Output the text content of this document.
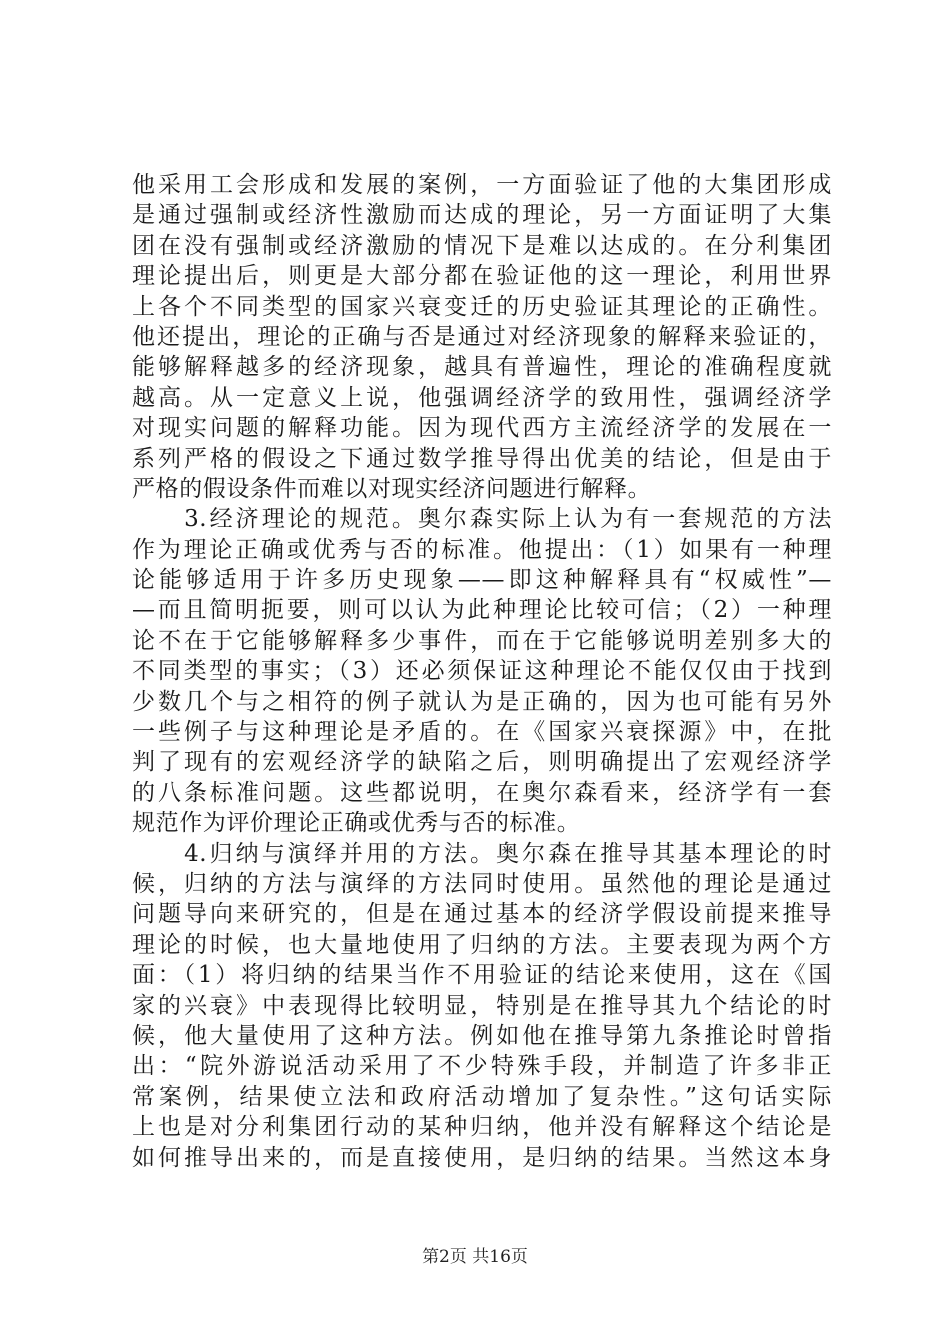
他采用工会形成和发展的案例，一方面验证了他的大集团形成
是通过强制或经济性激励而达成的理论，另一方面证明了大集
团在没有强制或经济激励的情况下是难以达成的。在分利集团
理论提出后，则更是大部分都在验证他的这一理论，利用世界
上各个不同类型的国家兴衰变迁的历史验证其理论的正确性。
他还提出，理论的正确与否是通过对经济现象的解释来验证的，
能够解释越多的经济现象，越具有普遍性，理论的准确程度就
越高。从一定意义上说，他强调经济学的致用性，强调经济学
对现实问题的解释功能。因为现代西方主流经济学的发展在一
系列严格的假设之下通过数学推导得出优美的结论，但是由于
严格的假设条件而难以对现实经济问题进行解释。
　　3.经济理论的规范。奥尔森实际上认为有一套规范的方法
作为理论正确或优秀与否的标准。他提出：（1）如果有一种理
论能够适用于许多历史现象——即这种解释具有“权威性”—
—而且简明扼要，则可以认为此种理论比较可信；（2）一种理
论不在于它能够解释多少事件，而在于它能够说明差别多大的
不同类型的事实；（3）还必须保证这种理论不能仅仅由于找到
少数几个与之相符的例子就认为是正确的，因为也可能有另外
一些例子与这种理论是矛盾的。在《国家兴衰探源》中，在批
判了现有的宏观经济学的缺陷之后，则明确提出了宏观经济学
的八条标准问题。这些都说明，在奥尔森看来，经济学有一套
规范作为评价理论正确或优秀与否的标准。
　　4.归纳与演绎并用的方法。奥尔森在推导其基本理论的时
候，归纳的方法与演绎的方法同时使用。虽然他的理论是通过
问题导向来研究的，但是在通过基本的经济学假设前提来推导
理论的时候，也大量地使用了归纳的方法。主要表现为两个方
面：（1）将归纳的结果当作不用验证的结论来使用，这在《国
家的兴衰》中表现得比较明显，特别是在推导其九个结论的时
候，他大量使用了这种方法。例如他在推导第九条推论时曾指
出：“院外游说活动采用了不少特殊手段，并制造了许多非正
常案例，结果使立法和政府活动增加了复杂性。”这句话实际
上也是对分利集团行动的某种归纳，他并没有解释这个结论是
如何推导出来的，而是直接使用，是归纳的结果。当然这本身
第2页 共16页
